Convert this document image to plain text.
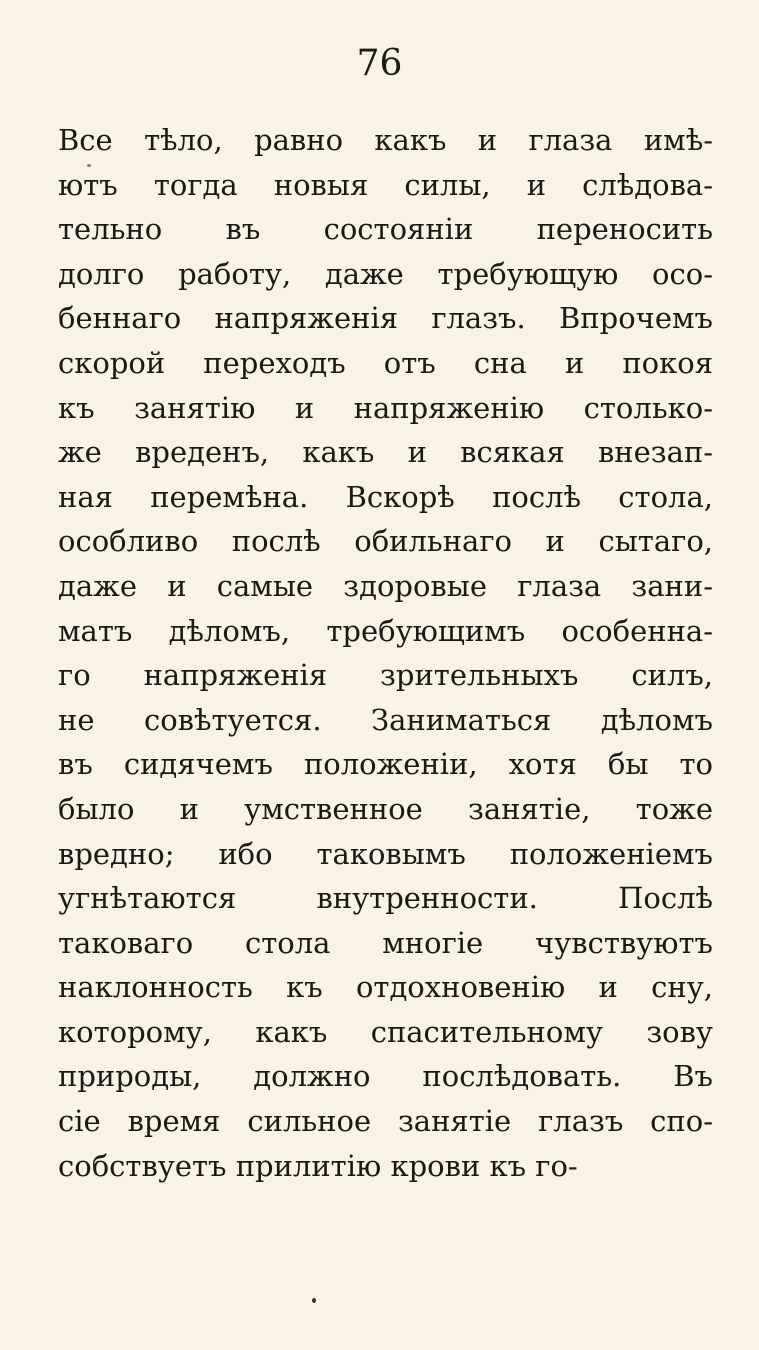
76
Все тѣло, равно какъ и глаза имѣ-
ютъ тогда новыя силы, и слѣдова-
тельно въ состояніи переносить
долго работу, даже требующую осо-
беннаго напряженія глазъ. Впрочемъ
скорой переходъ отъ сна и покоя
къ занятію и напряженію столько-
же вреденъ, какъ и всякая внезап-
ная перемѣна. Вскорѣ послѣ стола,
особливо послѣ обильнаго и сытаго,
даже и самые здоровые глаза зани-
матъ дѣломъ, требующимъ особенна-
го напряженія зрительныхъ силъ,
не совѣтуется. Заниматься дѣломъ
въ сидячемъ положеніи, хотя бы то
было и умственное занятіе, тоже
вредно; ибо таковымъ положеніемъ
угнѣтаются внутренности. Послѣ
таковаго стола многіе чувствуютъ
наклонность къ отдохновенію и сну,
которому, какъ спасительному зову
природы, должно послѣдовать. Въ
сіе время сильное занятіе глазъ спо-
собствуетъ прилитію крови къ го-
